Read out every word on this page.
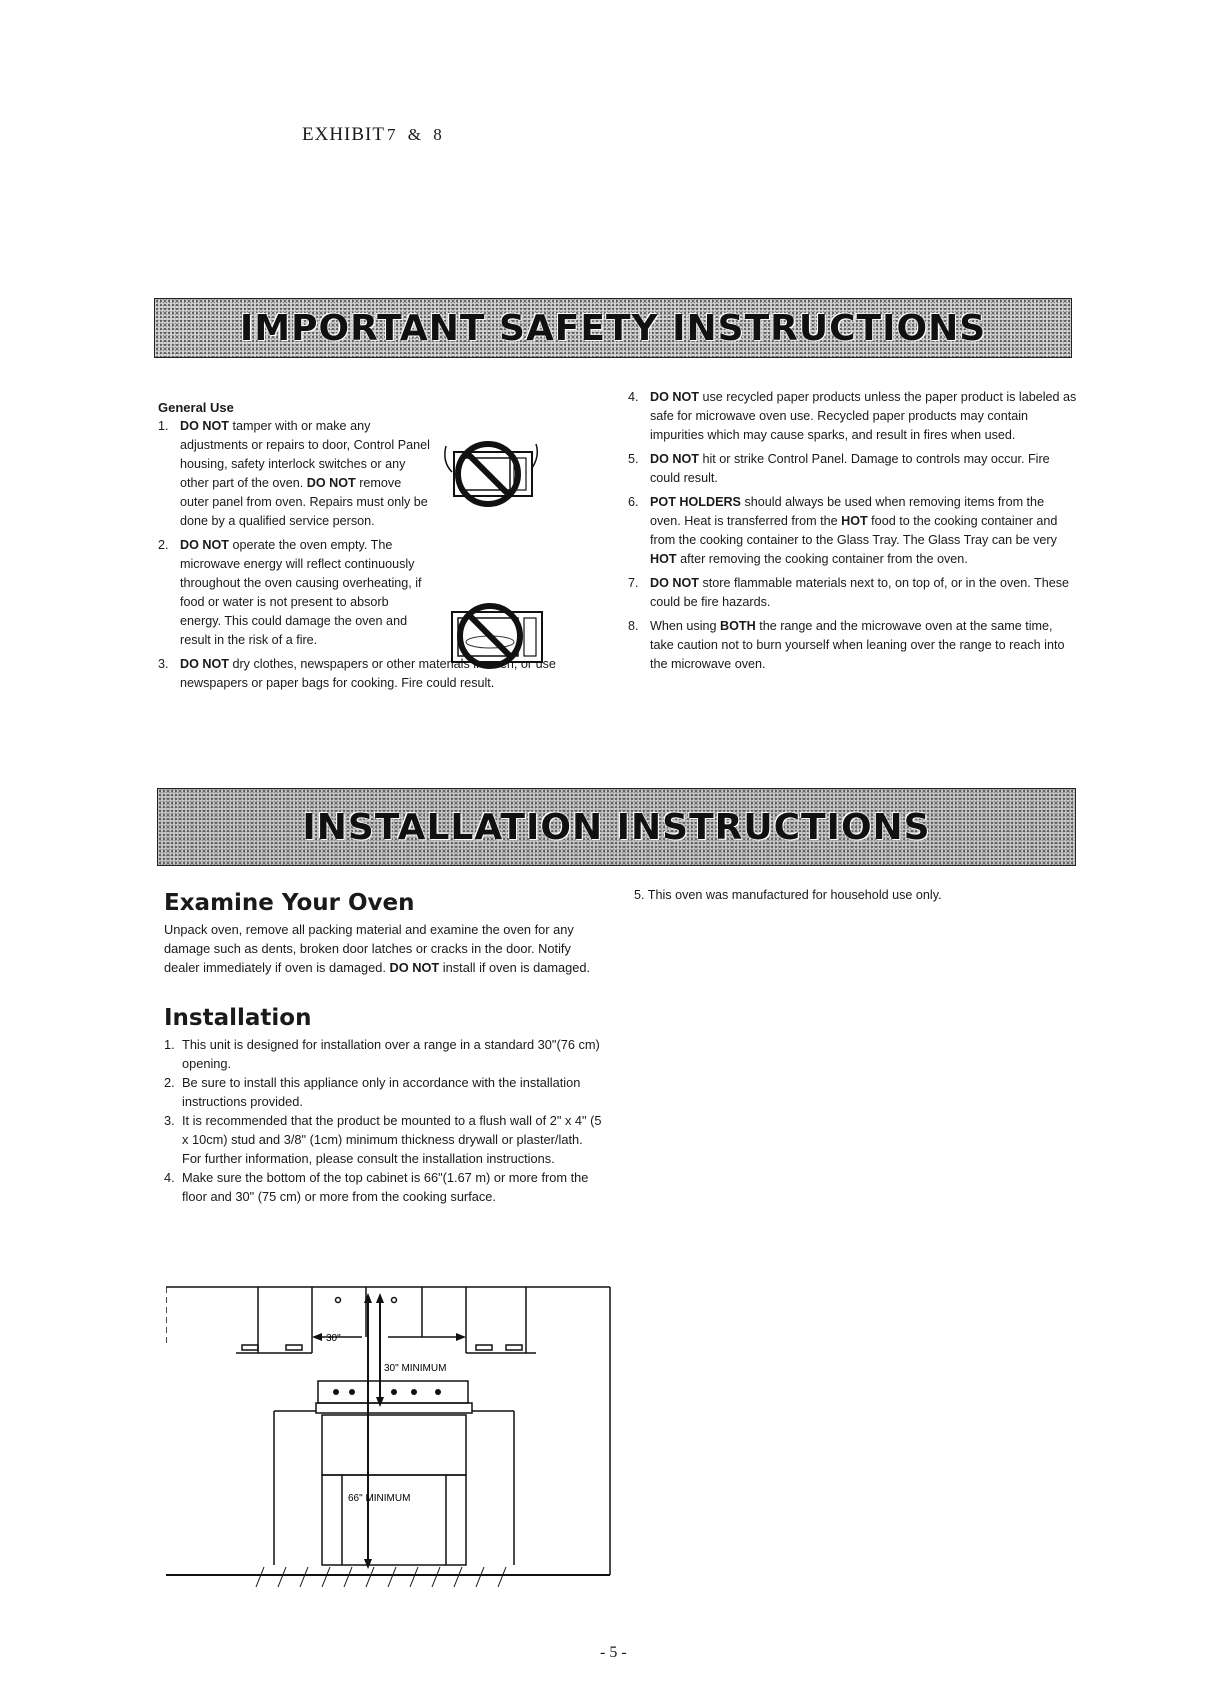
EXHIBIT 7 & 8
IMPORTANT SAFETY INSTRUCTIONS
General Use
1. DO NOT tamper with or make any adjustments or repairs to door, Control Panel housing, safety interlock switches or any other part of the oven. DO NOT remove outer panel from oven. Repairs must only be done by a qualified service person.
2. DO NOT operate the oven empty. The microwave energy will reflect continuously throughout the oven causing overheating, if food or water is not present to absorb energy. This could damage the oven and result in the risk of a fire.
3. DO NOT dry clothes, newspapers or other materials in oven, or use newspapers or paper bags for cooking. Fire could result.
4. DO NOT use recycled paper products unless the paper product is labeled as safe for microwave oven use. Recycled paper products may contain impurities which may cause sparks, and result in fires when used.
5. DO NOT hit or strike Control Panel. Damage to controls may occur. Fire could result.
6. POT HOLDERS should always be used when removing items from the oven. Heat is transferred from the HOT food to the cooking container and from the cooking container to the Glass Tray. The Glass Tray can be very HOT after removing the cooking container from the oven.
7. DO NOT store flammable materials next to, on top of, or in the oven. These could be fire hazards.
8. When using BOTH the range and the microwave oven at the same time, take caution not to burn yourself when leaning over the range to reach into the microwave oven.
INSTALLATION INSTRUCTIONS
Examine Your Oven

Unpack oven, remove all packing material and examine the oven for any damage such as dents, broken door latches or cracks in the door. Notify dealer immediately if oven is damaged. DO NOT install if oven is damaged.

Installation
1. This unit is designed for installation over a range in a standard 30"(76 cm) opening.
2. Be sure to install this appliance only in accordance with the installation instructions provided.
3. It is recommended that the product be mounted to a flush wall of 2" x 4" (5 x 10cm) stud and 3/8" (1cm) minimum thickness drywall or plaster/lath. For further information, please consult the installation instructions.
4. Make sure the bottom of the top cabinet is 66"(1.67 m) or more from the floor and 30" (75 cm) or more from the cooking surface.
5. This oven was manufactured for household use only.
30"
30" MINIMUM
66" MINIMUM
- 5 -
